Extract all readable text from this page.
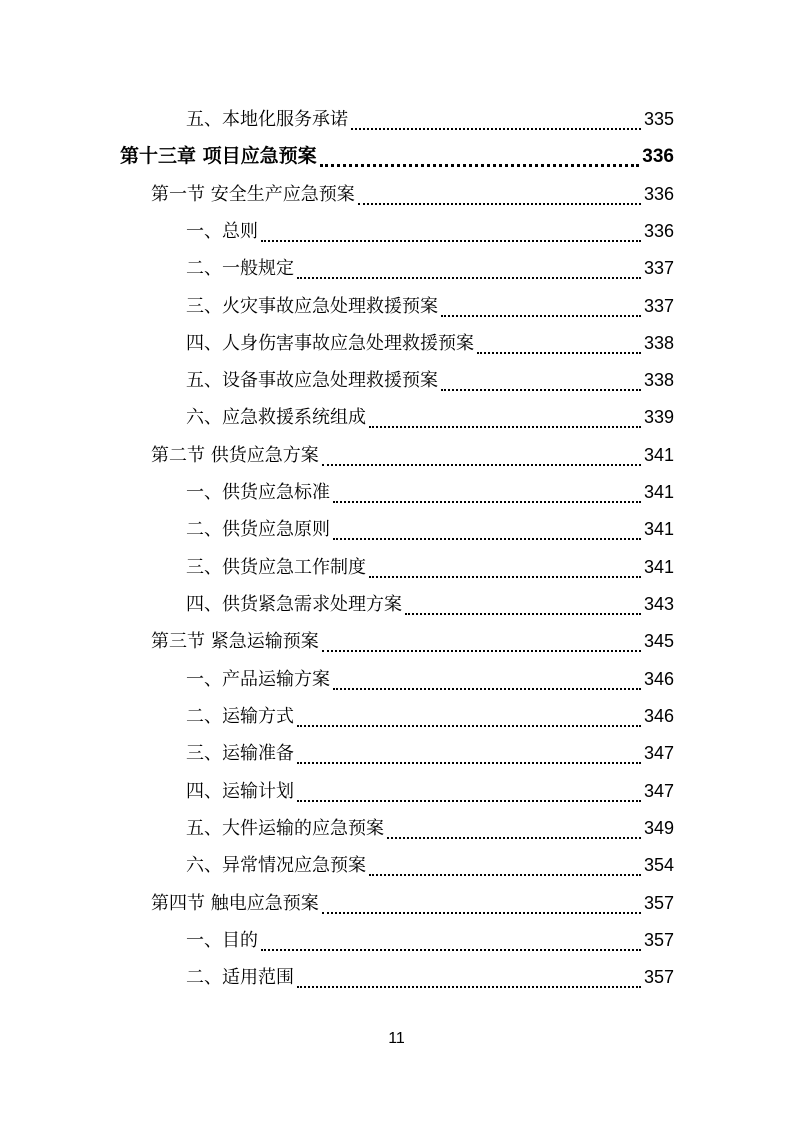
五、本地化服务承诺	335
第十三章 项目应急预案	336
第一节 安全生产应急预案	336
一、总则	336
二、一般规定	337
三、火灾事故应急处理救援预案	337
四、人身伤害事故应急处理救援预案	338
五、设备事故应急处理救援预案	338
六、应急救援系统组成	339
第二节 供货应急方案	341
一、供货应急标准	341
二、供货应急原则	341
三、供货应急工作制度	341
四、供货紧急需求处理方案	343
第三节 紧急运输预案	345
一、产品运输方案	346
二、运输方式	346
三、运输准备	347
四、运输计划	347
五、大件运输的应急预案	349
六、异常情况应急预案	354
第四节 触电应急预案	357
一、目的	357
二、适用范围	357
11
